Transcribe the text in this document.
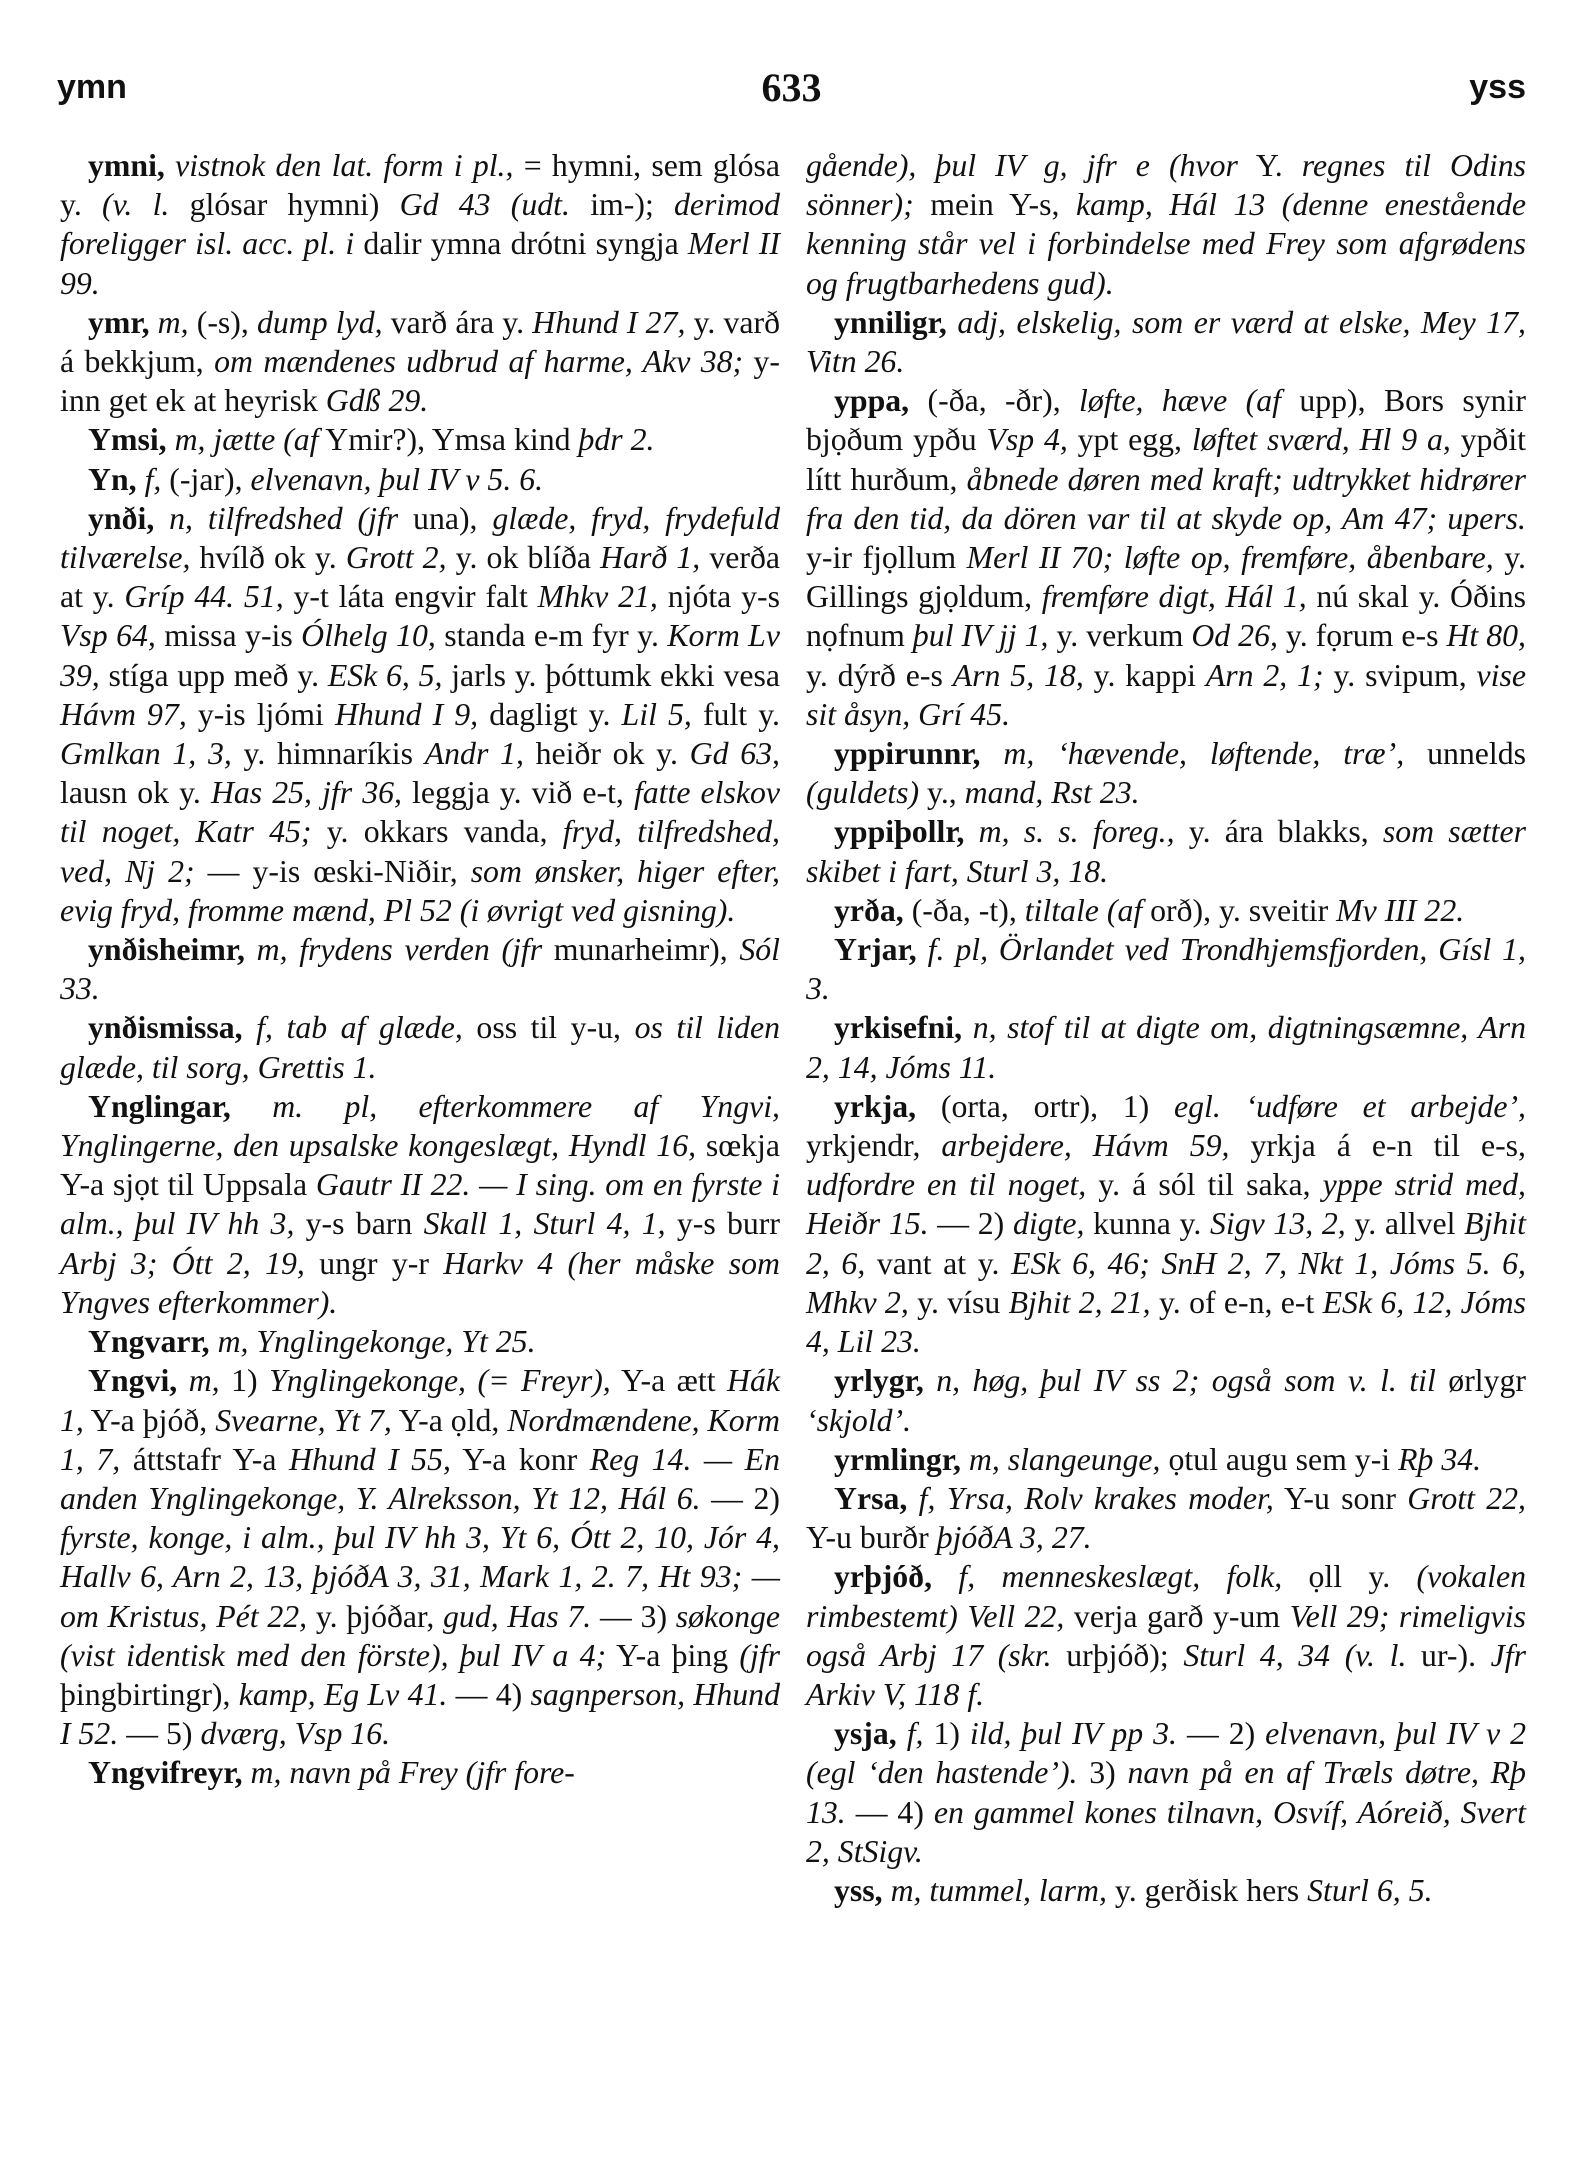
ymn	633	yss

ymni, vistnok den lat. form i pl., = hymni, sem glósa y. (v. l. glósar hymni) Gd 43 (udt. im-); derimod foreligger isl. acc. pl. i dalir ymna drótni syngja Merl II 99.

ymr, m, (-s), dump lyd, varð ára y. Hhund I 27, y. varð á bekkjum, om mændenes udbrud af harme, Akv 38; y-inn get ek at heyrisk Gdß 29.

Ymsi, m, jætte (af Ymir?), Ymsa kind þdr 2.

Yn, f, (-jar), elvenavn, þul IV v 5. 6.

ynði, n, tilfredshed (jfr una), glæde, fryd, frydefuld tilværelse, hvílð ok y. Grott 2, y. ok blíða Harð 1, verða at y. Gríp 44. 51, y-t láta engvir falt Mhkv 21, njóta y-s Vsp 64, missa y-is Ólhelg 10, standa e-m fyr y. Korm Lv 39, stíga upp með y. ESk 6, 5, jarls y. þóttumk ekki vesa Hávm 97, y-is ljómi Hhund I 9, dagligt y. Lil 5, fult y. Gmlkan 1, 3, y. himnaríkis Andr 1, heiðr ok y. Gd 63, lausn ok y. Has 25, jfr 36, leggja y. við e-t, fatte elskov til noget, Katr 45; y. okkars vanda, fryd, tilfredshed, ved, Nj 2; — y-is œski-Niðir, som ønsker, higer efter, evig fryd, fromme mænd, Pl 52 (i øvrigt ved gisning).

ynðisheimr, m, frydens verden (jfr munarheimr), Sól 33.

ynðismissa, f, tab af glæde, oss til y-u, os til liden glæde, til sorg, Grettis 1.

Ynglingar, m. pl, efterkommere af Yngvi, Ynglingerne, den upsalske kongeslægt, Hyndl 16, sœkja Y-a sjọt til Uppsala Gautr II 22. — I sing. om en fyrste i alm., þul IV hh 3, y-s barn Skall 1, Sturl 4, 1, y-s burr Arbj 3; Ótt 2, 19, ungr y-r Harkv 4 (her måske som Yngves efterkommer).

Yngvarr, m, Ynglingekonge, Yt 25.

Yngvi, m, 1) Ynglingekonge, (= Freyr), Y-a ætt Hák 1, Y-a þjóð, Svearne, Yt 7, Y-a ọld, Nordmændene, Korm 1, 7, áttstafr Y-a Hhund I 55, Y-a konr Reg 14. — En anden Ynglingekonge, Y. Alreksson, Yt 12, Hál 6. — 2) fyrste, konge, i alm., þul IV hh 3, Yt 6, Ótt 2, 10, Jór 4, Hallv 6, Arn 2, 13, þjóðA 3, 31, Mark 1, 2. 7, Ht 93; — om Kristus, Pét 22, y. þjóðar, gud, Has 7. — 3) søkonge (vist identisk med den förste), þul IV a 4; Y-a þing (jfr þingbirtingr), kamp, Eg Lv 41. — 4) sagnperson, Hhund I 52. — 5) dværg, Vsp 16.

Yngvifreyr, m, navn på Frey (jfr fore-

gående), þul IV g, jfr e (hvor Y. regnes til Odins sönner); mein Y-s, kamp, Hál 13 (denne enestående kenning står vel i forbindelse med Frey som afgrødens og frugtbarhedens gud).

ynniligr, adj, elskelig, som er værd at elske, Mey 17, Vitn 26.

yppa, (-ða, -ðr), løfte, hæve (af upp), Bors synir bjọðum ypðu Vsp 4, ypt egg, løftet sværd, Hl 9 a, ypðit lítt hurðum, åbnede døren med kraft; udtrykket hidrører fra den tid, da dören var til at skyde op, Am 47; upers. y-ir fjọllum Merl II 70; løfte op, fremføre, åbenbare, y. Gillings gjọldum, fremføre digt, Hál 1, nú skal y. Óðins nọfnum þul IV jj 1, y. verkum Od 26, y. fọrum e-s Ht 80, y. dýrð e-s Arn 5, 18, y. kappi Arn 2, 1; y. svipum, vise sit åsyn, Grí 45.

yppirunnr, m, ‘hævende, løftende, træ’, unnelds (guldets) y., mand, Rst 23.

yppiþollr, m, s. s. foreg., y. ára blakks, som sætter skibet i fart, Sturl 3, 18.

yrða, (-ða, -t), tiltale (af orð), y. sveitir Mv III 22.

Yrjar, f. pl, Örlandet ved Trondhjemsfjorden, Gísl 1, 3.

yrkisefni, n, stof til at digte om, digtningsæmne, Arn 2, 14, Jóms 11.

yrkja, (orta, ortr), 1) egl. ‘udføre et arbejde’, yrkjendr, arbejdere, Hávm 59, yrkja á e-n til e-s, udfordre en til noget, y. á sól til saka, yppe strid med, Heiðr 15. — 2) digte, kunna y. Sigv 13, 2, y. allvel Bjhit 2, 6, vant at y. ESk 6, 46; SnH 2, 7, Nkt 1, Jóms 5. 6, Mhkv 2, y. vísu Bjhit 2, 21, y. of e-n, e-t ESk 6, 12, Jóms 4, Lil 23.

yrlygr, n, høg, þul IV ss 2; også som v. l. til ørlygr ‘skjold’.

yrmlingr, m, slangeunge, ọtul augu sem y-i Rþ 34.

Yrsa, f, Yrsa, Rolv krakes moder, Y-u sonr Grott 22, Y-u burðr þjóðA 3, 27.

yrþjóð, f, menneskeslægt, folk, ọll y. (vokalen rimbestemt) Vell 22, verja garð y-um Vell 29; rimeligvis også Arbj 17 (skr. urþjóð); Sturl 4, 34 (v. l. ur-). Jfr Arkiv V, 118 f.

ysja, f, 1) ild, þul IV pp 3. — 2) elvenavn, þul IV v 2 (egl ‘den hastende’). 3) navn på en af Træls døtre, Rþ 13. — 4) en gammel kones tilnavn, Osvíf, Aóreið, Svert 2, StSigv.

yss, m, tummel, larm, y. gerðisk hers Sturl 6, 5.
